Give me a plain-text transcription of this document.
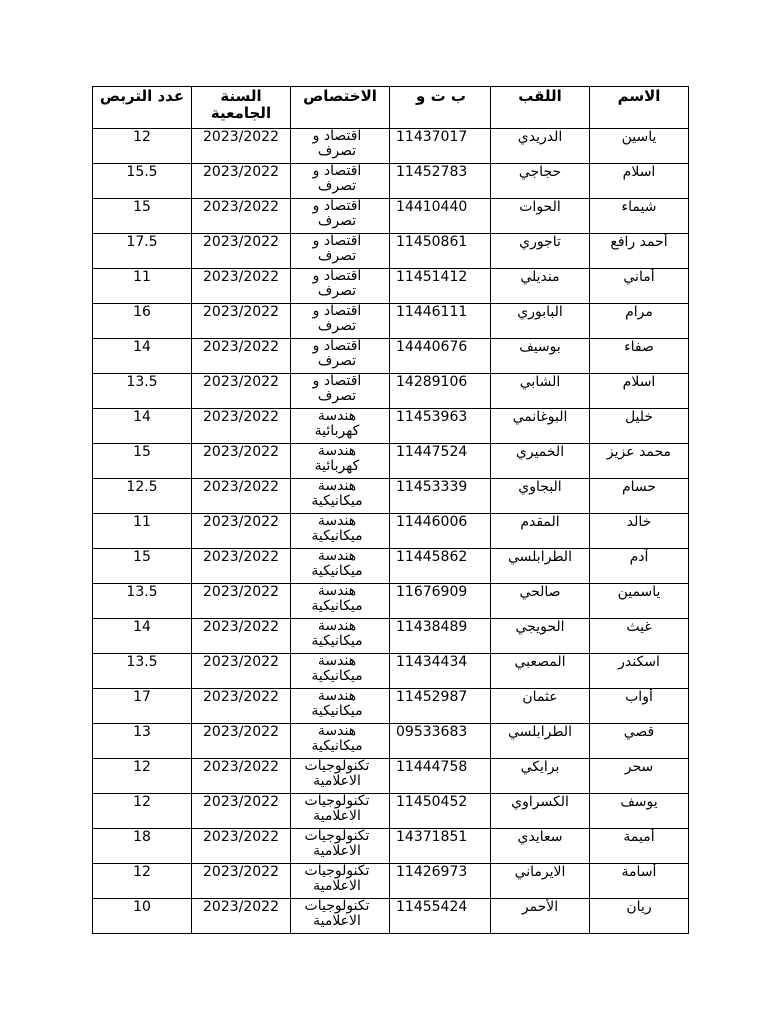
عدد التربص	السنة الجامعية	الاختصاص	ب ت و	اللقب	الاسم
12	2023/2022	اقتصاد و تصرف	11437017	الدريدي	ياسين
15.5	2023/2022	اقتصاد و تصرف	11452783	حجاجي	اسلام
15	2023/2022	اقتصاد و تصرف	14410440	الحوات	شيماء
17.5	2023/2022	اقتصاد و تصرف	11450861	تاجوري	أحمد رافع
11	2023/2022	اقتصاد و تصرف	11451412	منديلي	أماني
16	2023/2022	اقتصاد و تصرف	11446111	البابوري	مرام
14	2023/2022	اقتصاد و تصرف	14440676	بوسيف	صفاء
13.5	2023/2022	اقتصاد و تصرف	14289106	الشابي	اسلام
14	2023/2022	هندسة كهربائية	11453963	البوغانمي	خليل
15	2023/2022	هندسة كهربائية	11447524	الخميري	محمد عزيز
12.5	2023/2022	هندسة ميكانيكية	11453339	البجاوي	حسام
11	2023/2022	هندسة ميكانيكية	11446006	المقدم	خالد
15	2023/2022	هندسة ميكانيكية	11445862	الطرابلسي	آدم
13.5	2023/2022	هندسة ميكانيكية	11676909	صالحي	ياسمين
14	2023/2022	هندسة ميكانيكية	11438489	الحويجي	غيث
13.5	2023/2022	هندسة ميكانيكية	11434434	المصعبي	اسكندر
17	2023/2022	هندسة ميكانيكية	11452987	عثمان	أواب
13	2023/2022	هندسة ميكانيكية	09533683	الطرابلسي	قصي
12	2023/2022	تكنولوجيات الاعلامية	11444758	برايكي	سحر
12	2023/2022	تكنولوجيات الاعلامية	11450452	الكسراوي	يوسف
18	2023/2022	تكنولوجيات الاعلامية	14371851	سعايدي	أميمة
12	2023/2022	تكنولوجيات الاعلامية	11426973	الايرماني	أسامة
10	2023/2022	تكنولوجيات الاعلامية	11455424	الأحمر	ريان
